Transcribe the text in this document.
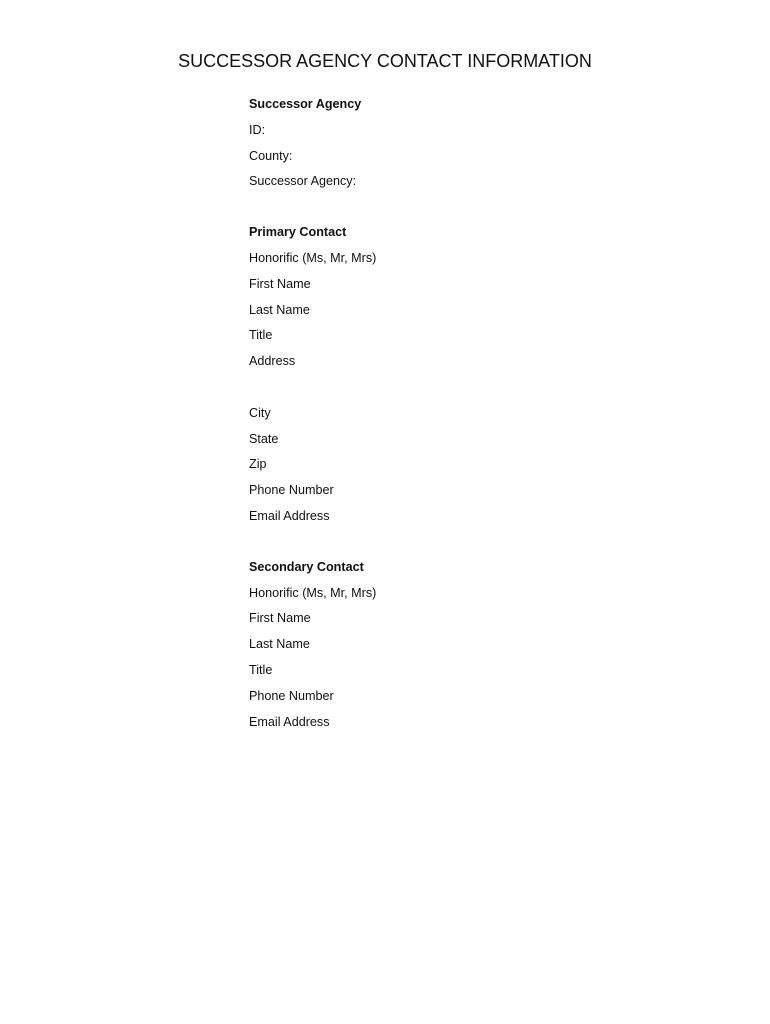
SUCCESSOR AGENCY CONTACT INFORMATION
Successor Agency
ID:
County:
Successor Agency:
Primary Contact
Honorific (Ms, Mr, Mrs)
First Name
Last Name
Title
Address
City
State
Zip
Phone Number
Email Address
Secondary Contact
Honorific (Ms, Mr, Mrs)
First Name
Last Name
Title
Phone Number
Email Address
